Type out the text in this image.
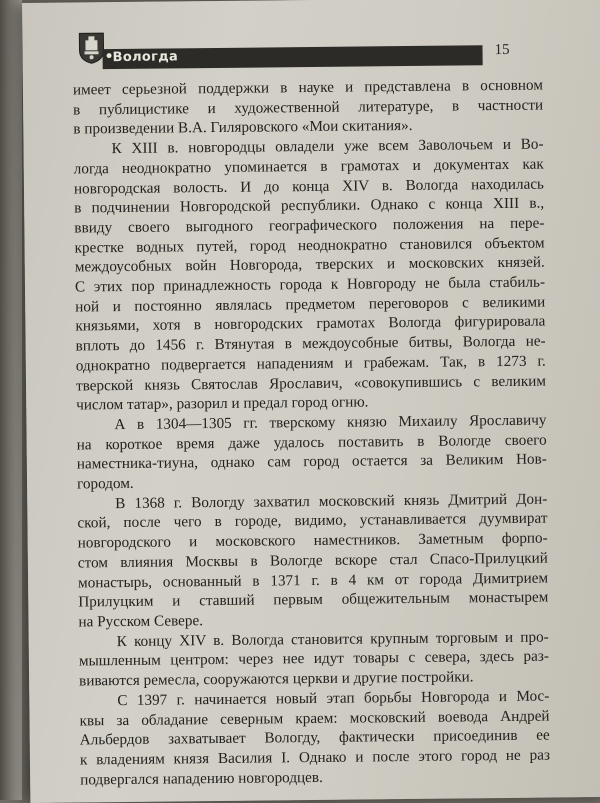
Вологда	15

имеет серьезной поддержки в науке и представлена в основном
в публицистике и художественной литературе, в частности
в произведении В.А. Гиляровского «Мои скитания».

К XIII в. новгородцы овладели уже всем Заволочьем и Во-
логда неоднократно упоминается в грамотах и документах как
новгородская волость. И до конца XIV в. Вологда находилась
в подчинении Новгородской республики. Однако с конца XIII в.,
ввиду своего выгодного географического положения на пере-
крестке водных путей, город неоднократно становился объектом
междоусобных войн Новгорода, тверских и московских князей.
С этих пор принадлежность города к Новгороду не была стабиль-
ной и постоянно являлась предметом переговоров с великими
князьями, хотя в новгородских грамотах Вологда фигурировала
вплоть до 1456 г. Втянутая в междоусобные битвы, Вологда не-
однократно подвергается нападениям и грабежам. Так, в 1273 г.
тверской князь Святослав Ярославич, «совокупившись с великим
числом татар», разорил и предал город огню.

А в 1304—1305 гг. тверскому князю Михаилу Ярославичу
на короткое время даже удалось поставить в Вологде своего
наместника-тиуна, однако сам город остается за Великим Нов-
городом.

В 1368 г. Вологду захватил московский князь Дмитрий Дон-
ской, после чего в городе, видимо, устанавливается дуумвират
новгородского и московского наместников. Заметным форпо-
стом влияния Москвы в Вологде вскоре стал Спасо-Прилуцкий
монастырь, основанный в 1371 г. в 4 км от города Димитрием
Прилуцким и ставший первым общежительным монастырем
на Русском Севере.

К концу XIV в. Вологда становится крупным торговым и про-
мышленным центром: через нее идут товары с севера, здесь раз-
виваются ремесла, сооружаются церкви и другие постройки.

С 1397 г. начинается новый этап борьбы Новгорода и Мос-
квы за обладание северным краем: московский воевода Андрей
Альбердов захватывает Вологду, фактически присоединив ее
к владениям князя Василия I. Однако и после этого город не раз
подвергался нападению новгородцев.
